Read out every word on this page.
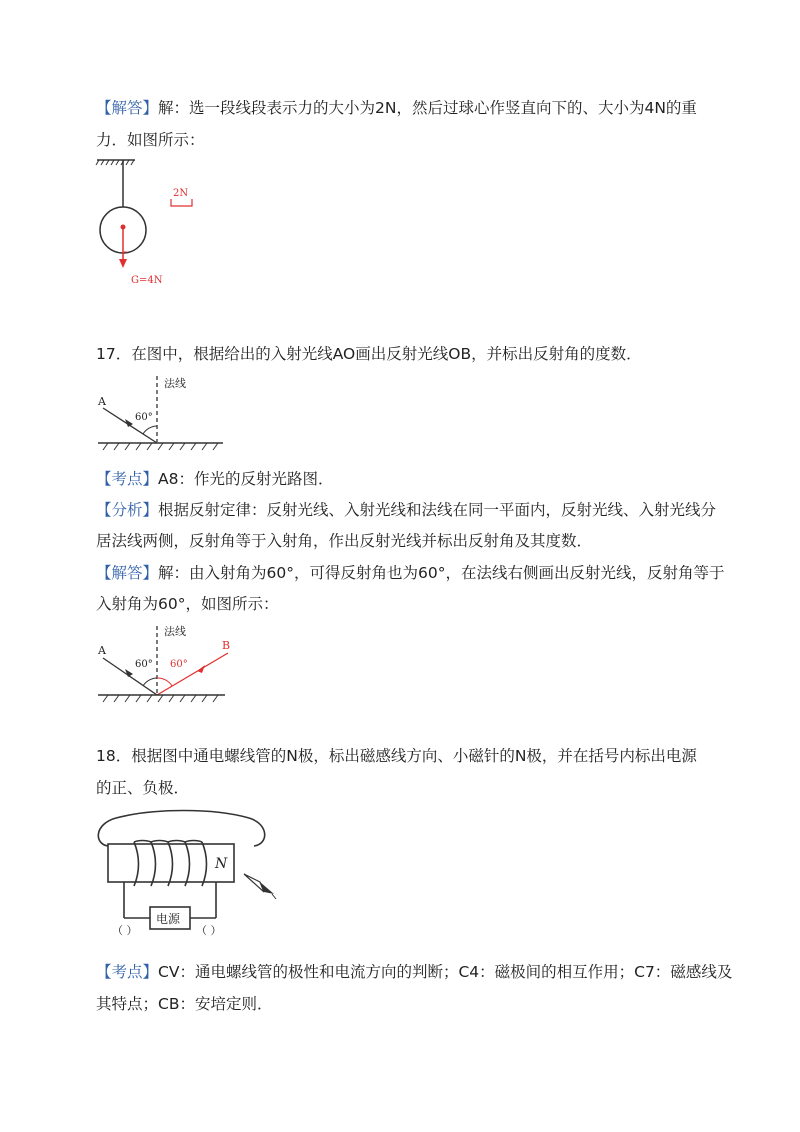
【解答】解：选一段线段表示力的大小为2N，然后过球心作竖直向下的、大小为4N的重
力．如图所示：
G=4N
2N
17．在图中，根据给出的入射光线AO画出反射光线OB，并标出反射角的度数．
法线
A
60°
【考点】A8：作光的反射光路图．
【分析】根据反射定律：反射光线、入射光线和法线在同一平面内，反射光线、入射光线分
居法线两侧，反射角等于入射角，作出反射光线并标出反射角及其度数．
【解答】解：由入射角为60°，可得反射角也为60°，在法线右侧画出反射光线，反射角等于
入射角为60°，如图所示：
法线
A
60° 60°
B
18．根据图中通电螺线管的N极，标出磁感线方向、小磁针的N极，并在括号内标出电源
的正、负极．
电源
（ ）	（ ）
N
【考点】CV：通电螺线管的极性和电流方向的判断；C4：磁极间的相互作用；C7：磁感线及
其特点；CB：安培定则．
